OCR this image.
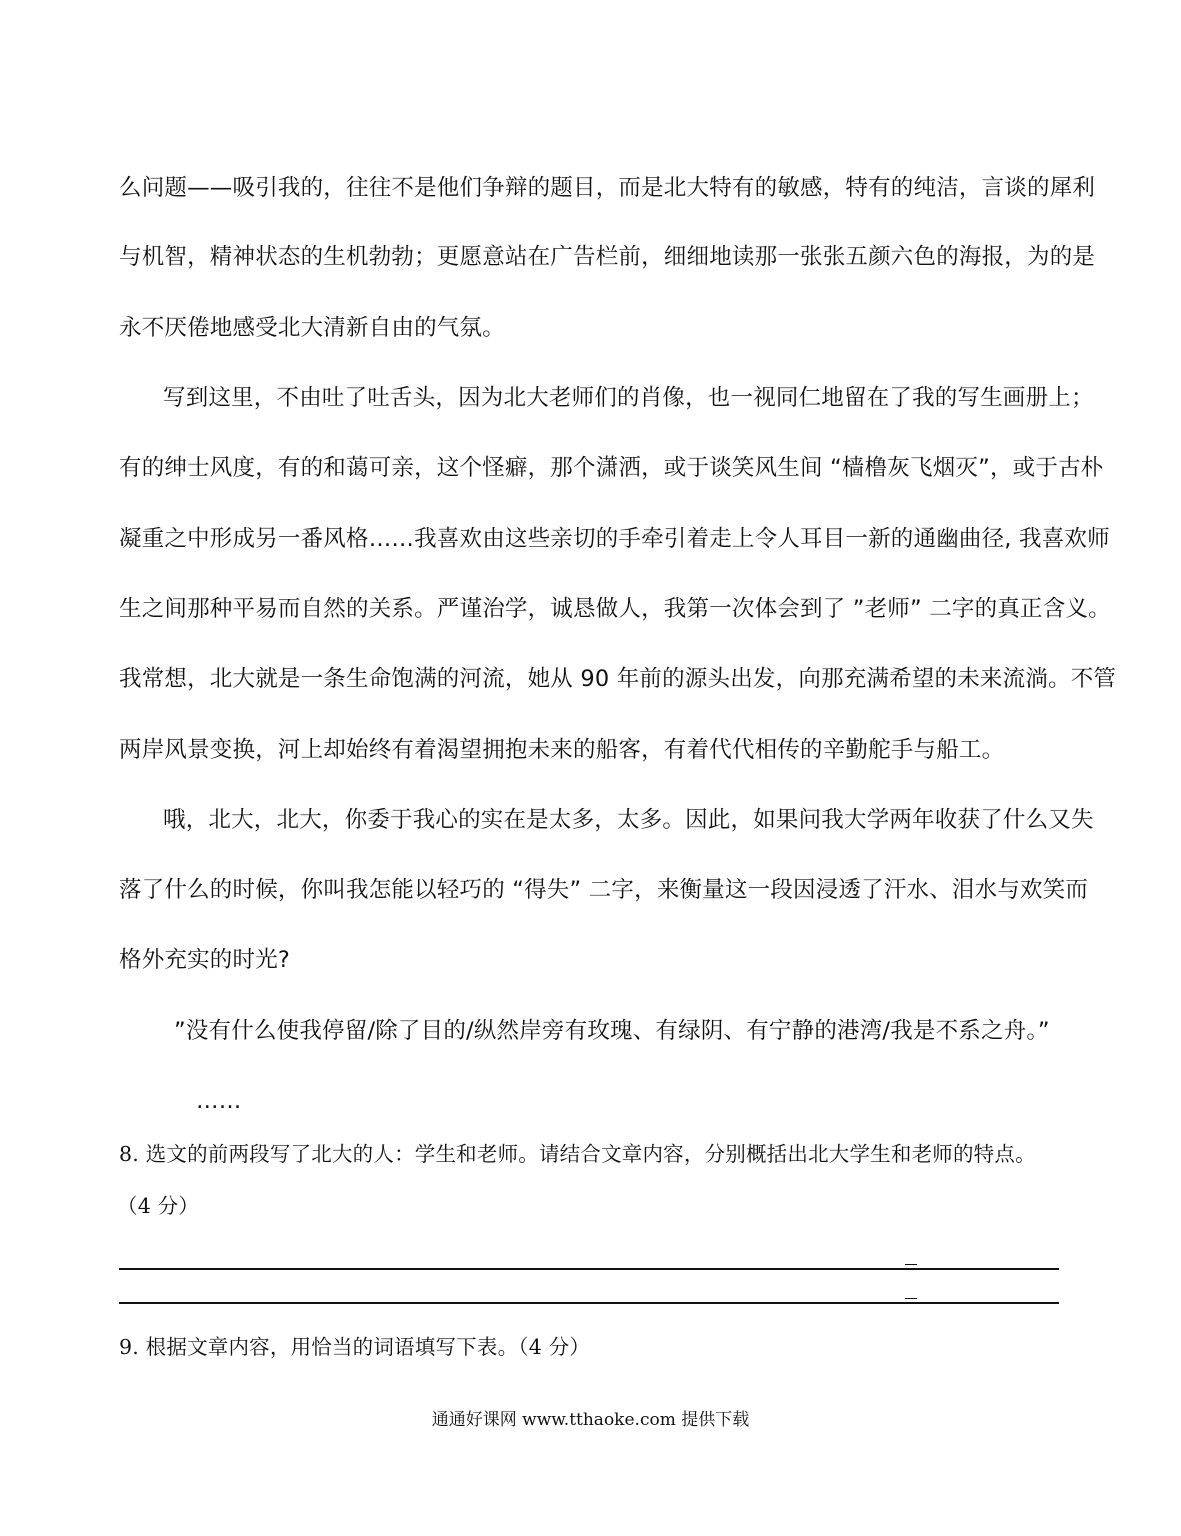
么问题——吸引我的，往往不是他们争辩的题目，而是北大特有的敏感，特有的纯洁，言谈的犀利
与机智，精神状态的生机勃勃；更愿意站在广告栏前，细细地读那一张张五颜六色的海报，为的是
永不厌倦地感受北大清新自由的气氛。
写到这里，不由吐了吐舌头，因为北大老师们的肖像，也一视同仁地留在了我的写生画册上；
有的绅士风度，有的和蔼可亲，这个怪癖，那个潇洒，或于谈笑风生间 “樯橹灰飞烟灭”，或于古朴
凝重之中形成另一番风格……我喜欢由这些亲切的手牵引着走上令人耳目一新的通幽曲径, 我喜欢师
生之间那种平易而自然的关系。严谨治学，诚恳做人，我第一次体会到了 ”老师” 二字的真正含义。
我常想，北大就是一条生命饱满的河流，她从 90 年前的源头出发，向那充满希望的未来流淌。不管
两岸风景变换，河上却始终有着渴望拥抱未来的船客，有着代代相传的辛勤舵手与船工。
哦，北大，北大，你委于我心的实在是太多，太多。因此，如果问我大学两年收获了什么又失
落了什么的时候，你叫我怎能以轻巧的 “得失” 二字，来衡量这一段因浸透了汗水、泪水与欢笑而
格外充实的时光?
”没有什么使我停留/除了目的/纵然岸旁有玫瑰、有绿阴、有宁静的港湾/我是不系之舟。”
……
8. 选文的前两段写了北大的人：学生和老师。请结合文章内容，分别概括出北大学生和老师的特点。
（4 分）
9. 根据文章内容，用恰当的词语填写下表。（4 分）
通通好课网 www.tthaoke.com 提供下载
